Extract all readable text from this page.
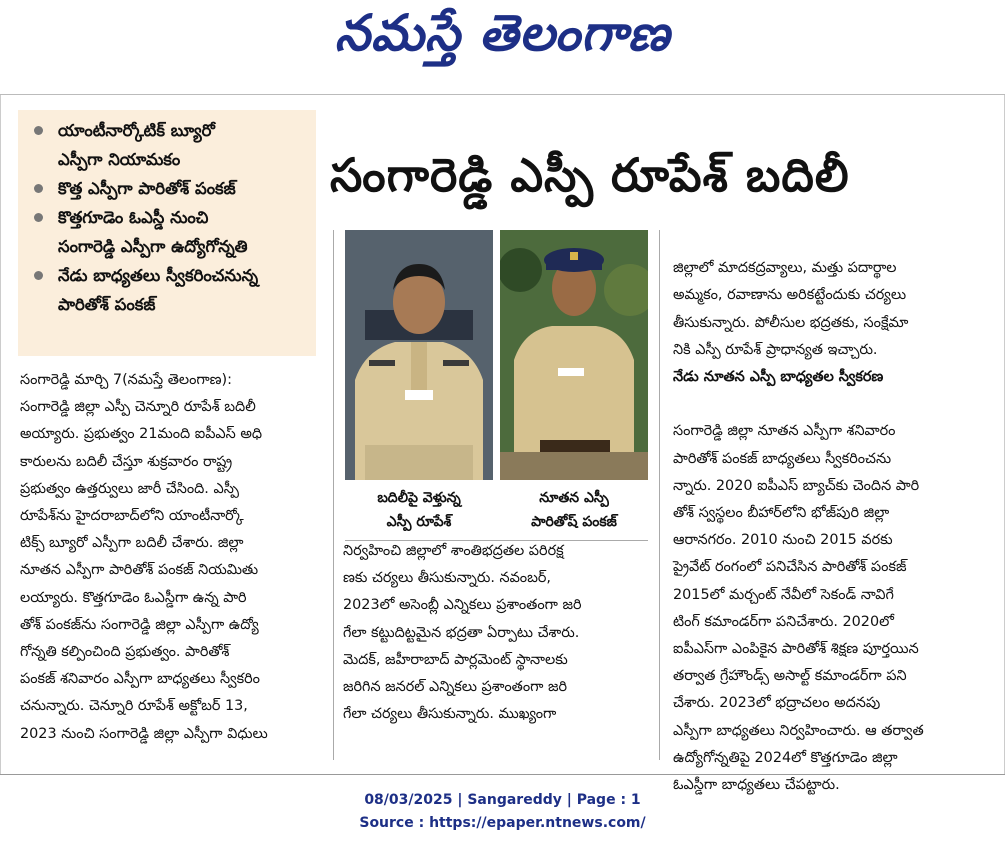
నమస్తే తెలంగాణ
యాంటీనార్కోటిక్ బ్యూరో
ఎస్పీగా నియామకం
కొత్త ఎస్పీగా పారితోశ్ పంకజ్
కొత్తగూడెం ఓఎస్డీ నుంచి
సంగారెడ్డి ఎస్పీగా ఉద్యోగోన్నతి
నేడు బాధ్యతలు స్వీకరించనున్న
పారితోశ్ పంకజ్
సంగారెడ్డి ఎస్పీ రూపేశ్ బదిలీ
బదిలీపై వెళ్తున్న
ఎస్పీ రూపేశ్
నూతన ఎస్పీ
పారితోష్ పంకజ్
సంగారెడ్డి మార్చి 7(నమస్తే తెలంగాణ):
సంగారెడ్డి జిల్లా ఎస్పీ చెన్నూరి రూపేశ్ బదిలీ
అయ్యారు. ప్రభుత్వం 21మంది ఐపీఎస్ అధి
కారులను బదిలీ చేస్తూ శుక్రవారం రాష్ట్ర
ప్రభుత్వం ఉత్తర్వులు జారీ చేసింది. ఎస్పీ
రూపేశ్‌ను హైదరాబాద్‌లోని యాంటీనార్కో
టిక్స్ బ్యూరో ఎస్పీగా బదిలీ చేశారు. జిల్లా
నూతన ఎస్పీగా పారితోశ్ పంకజ్ నియమితు
లయ్యారు. కొత్తగూడెం ఓఎస్డీగా ఉన్న పారి
తోశ్ పంకజ్‌ను సంగారెడ్డి జిల్లా ఎస్పీగా ఉద్యో
గోన్నతి కల్పించింది ప్రభుత్వం. పారితోశ్
పంకజ్ శనివారం ఎస్పీగా బాధ్యతలు స్వీకరిం
చనున్నారు. చెన్నూరి రూపేశ్ అక్టోబర్ 13,
2023 నుంచి సంగారెడ్డి జిల్లా ఎస్పీగా విధులు
నిర్వహించి జిల్లాలో శాంతిభద్రతల పరిరక్ష
ణకు చర్యలు తీసుకున్నారు. నవంబర్,
2023లో అసెంబ్లీ ఎన్నికలు ప్రశాంతంగా జరి
గేలా కట్టుదిట్టమైన భద్రతా ఏర్పాటు చేశారు.
మెదక్, జహీరాబాద్ పార్లమెంట్ స్థానాలకు
జరిగిన జనరల్ ఎన్నికలు ప్రశాంతంగా జరి
గేలా చర్యలు తీసుకున్నారు. ముఖ్యంగా

జిల్లాలో మాదకద్రవ్యాలు, మత్తు పదార్థాల
అమ్మకం, రవాణాను అరికట్టేందుకు చర్యలు
తీసుకున్నారు. పోలీసుల భద్రతకు, సంక్షేమా
నికి ఎస్పీ రూపేశ్ ప్రాధాన్యత ఇచ్చారు.

నేడు నూతన ఎస్పీ బాధ్యతల స్వీకరణ

సంగారెడ్డి జిల్లా నూతన ఎస్పీగా శనివారం
పారితోశ్ పంకజ్ బాధ్యతలు స్వీకరించను
న్నారు. 2020 ఐపీఎస్ బ్యాచ్‌కు చెందిన పారి
తోశ్ స్వస్థలం బీహార్‌లోని భోజ్‌పురి జిల్లా
ఆరానగరం. 2010 నుంచి 2015 వరకు
ప్రైవేట్ రంగంలో పనిచేసిన పారితోశ్ పంకజ్
2015లో మర్చంట్ నేవీలో సెకండ్ నావిగే
టింగ్ కమాండర్‌గా పనిచేశారు. 2020లో
ఐపీఎస్‌గా ఎంపికైన పారితోశ్ శిక్షణ పూర్తయిన
తర్వాత గ్రేహౌండ్స్ అసాల్ట్ కమాండర్‌గా పని
చేశారు. 2023లో భద్రాచలం అదనపు
ఎస్పీగా బాధ్యతలు నిర్వహించారు. ఆ తర్వాత
ఉద్యోగోన్నతిపై 2024లో కొత్తగూడెం జిల్లా
ఓఎస్డీగా బాధ్యతలు చేపట్టారు.

08/03/2025 | Sangareddy | Page : 1
Source : https://epaper.ntnews.com/
